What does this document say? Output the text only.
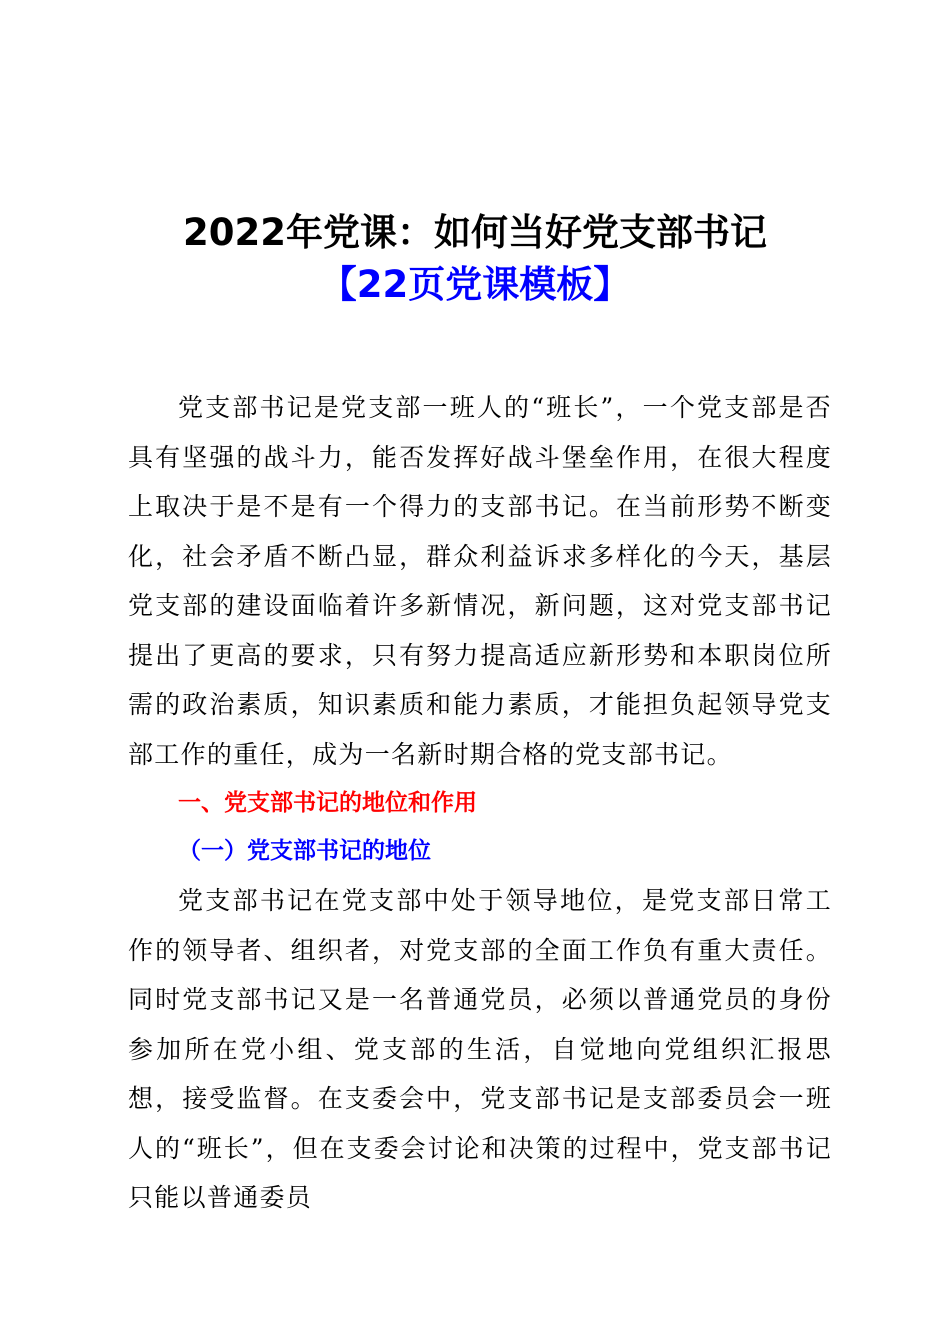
2022年党课：如何当好党支部书记
【22页党课模板】

党支部书记是党支部一班人的“班长”，一个党支部是否具有坚强的战斗力，能否发挥好战斗堡垒作用，在很大程度上取决于是不是有一个得力的支部书记。在当前形势不断变化，社会矛盾不断凸显，群众利益诉求多样化的今天，基层党支部的建设面临着许多新情况，新问题，这对党支部书记提出了更高的要求，只有努力提高适应新形势和本职岗位所需的政治素质，知识素质和能力素质，才能担负起领导党支部工作的重任，成为一名新时期合格的党支部书记。

一、党支部书记的地位和作用
（一）党支部书记的地位

党支部书记在党支部中处于领导地位，是党支部日常工作的领导者、组织者，对党支部的全面工作负有重大责任。同时党支部书记又是一名普通党员，必须以普通党员的身份参加所在党小组、党支部的生活，自觉地向党组织汇报思想，接受监督。在支委会中，党支部书记是支部委员会一班人的“班长”，但在支委会讨论和决策的过程中，党支部书记只能以普通委员
